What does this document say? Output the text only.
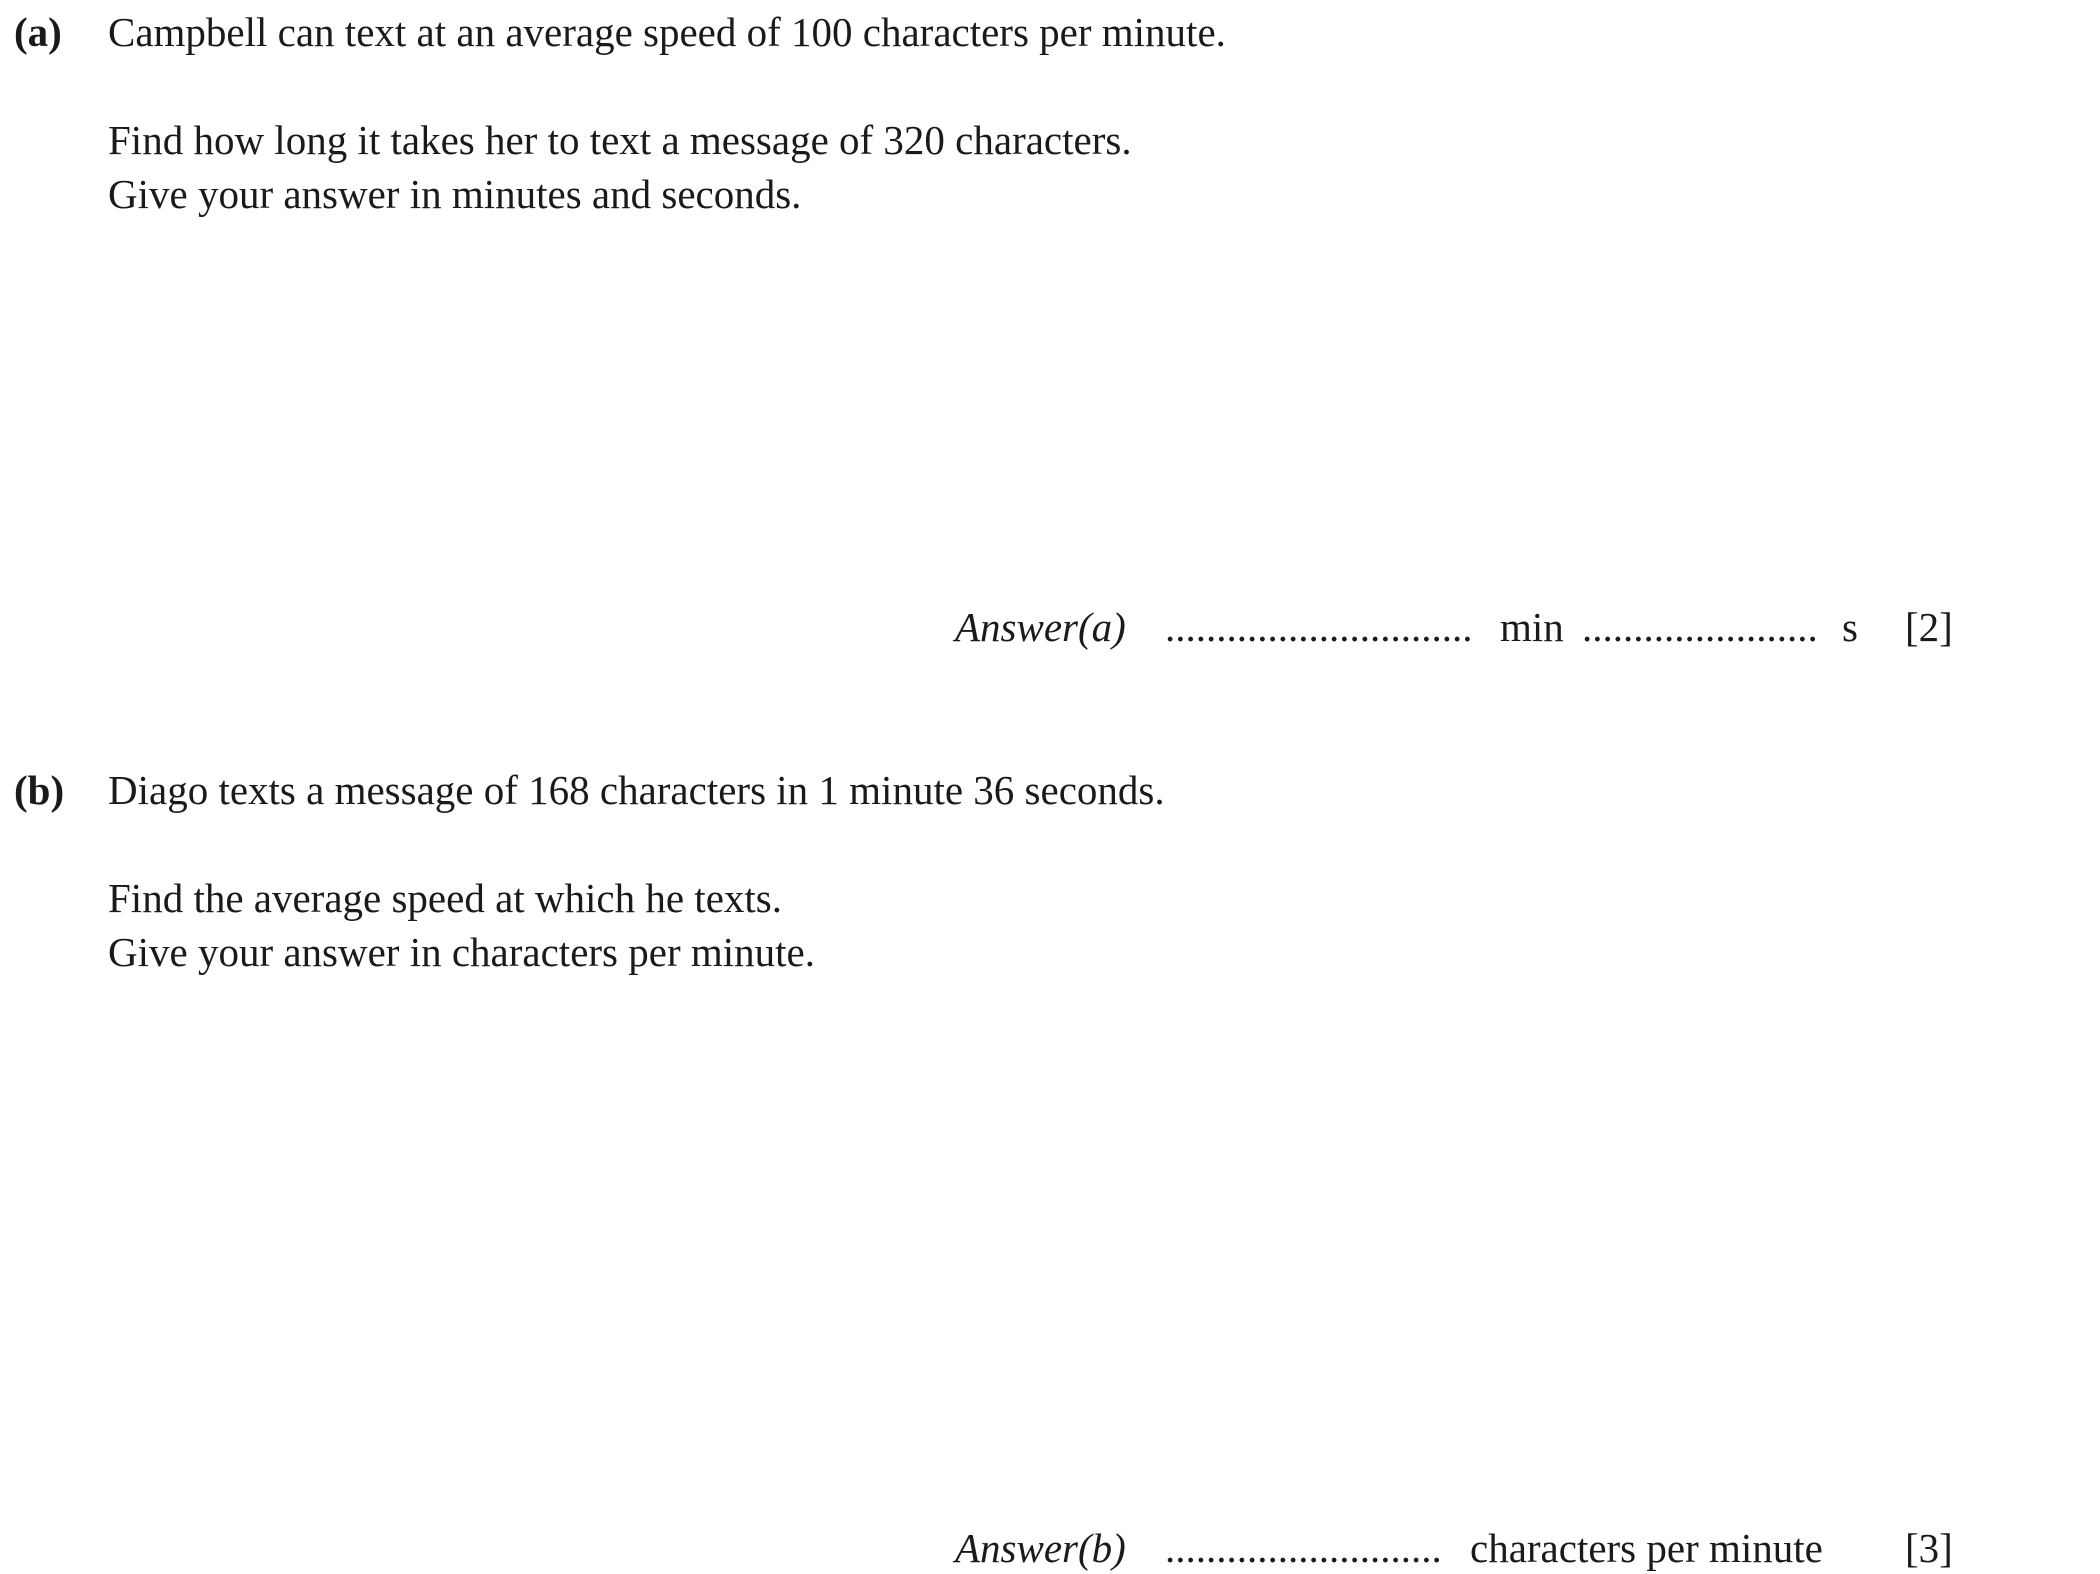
(a) Campbell can text at an average speed of 100 characters per minute.
Find how long it takes her to text a message of 320 characters.
Give your answer in minutes and seconds.
Answer(a) .............................. min ....................... s [2]
(b) Diago texts a message of 168 characters in 1 minute 36 seconds.
Find the average speed at which he texts.
Give your answer in characters per minute.
Answer(b) ........................... characters per minute [3]
